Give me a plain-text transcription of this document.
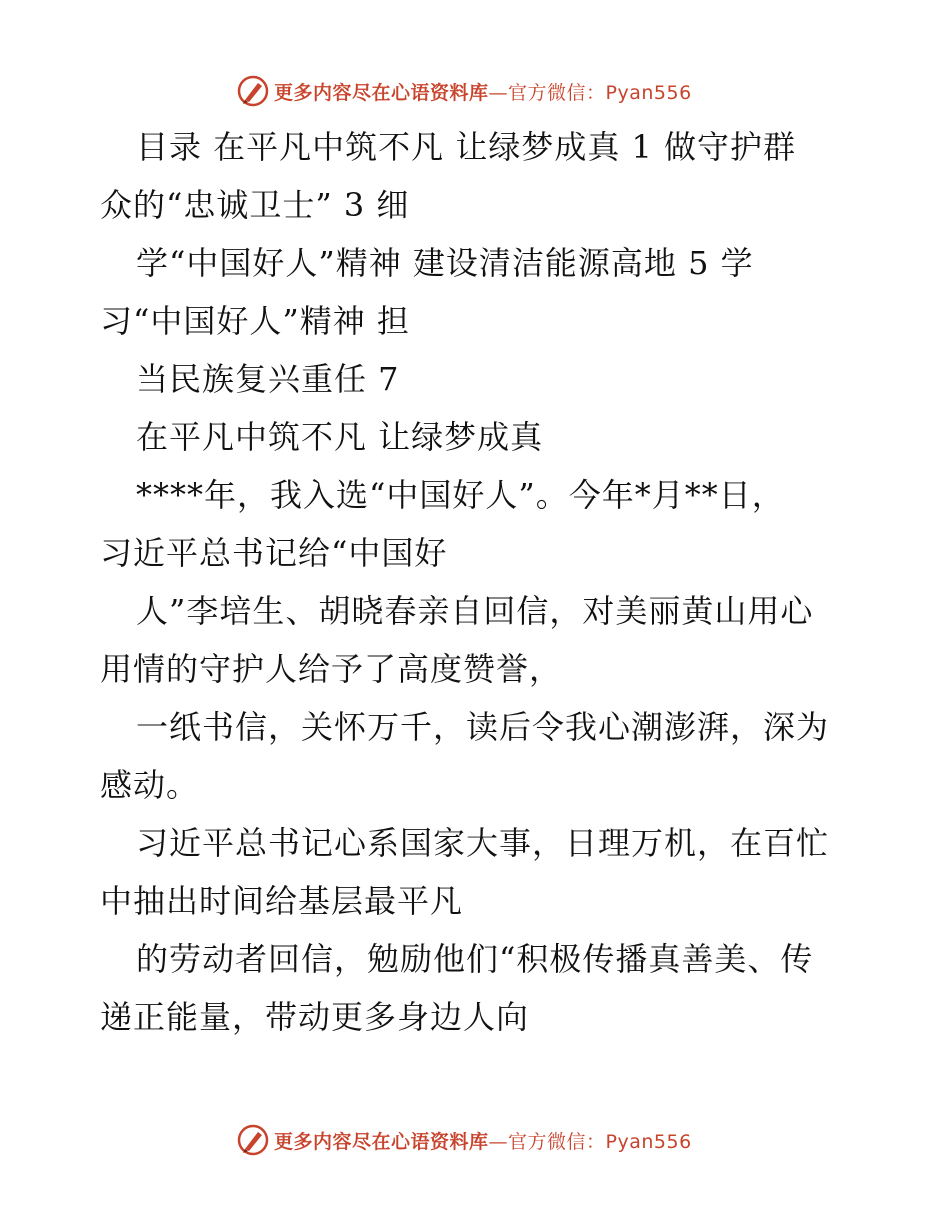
更多内容尽在心语资料库—官方微信：Pyan556
目录 在平凡中筑不凡 让绿梦成真 1 做守护群
众的“忠诚卫士” 3 细
学“中国好人”精神 建设清洁能源高地 5 学
习“中国好人”精神 担
当民族复兴重任 7
在平凡中筑不凡 让绿梦成真
****年，我入选“中国好人”。今年*月**日，
习近平总书记给“中国好
人”李培生、胡晓春亲自回信，对美丽黄山用心
用情的守护人给予了高度赞誉，
一纸书信，关怀万千，读后令我心潮澎湃，深为
感动。
习近平总书记心系国家大事，日理万机，在百忙
中抽出时间给基层最平凡
的劳动者回信，勉励他们“积极传播真善美、传
递正能量，带动更多身边人向
更多内容尽在心语资料库—官方微信：Pyan556
